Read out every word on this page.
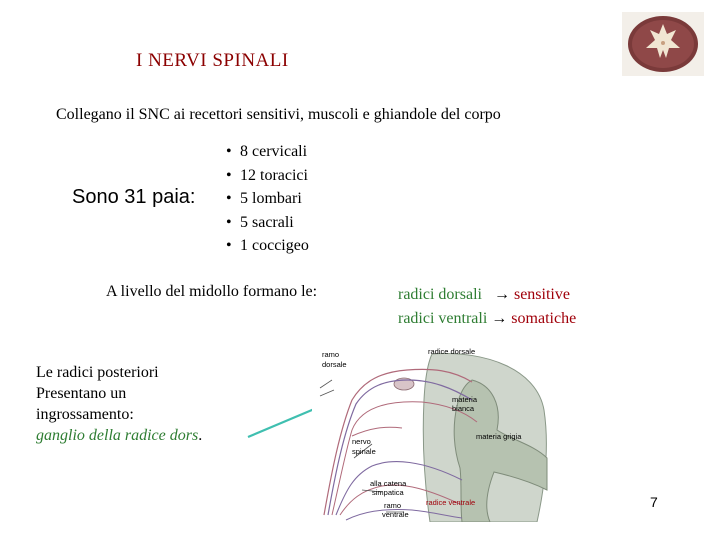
I NERVI SPINALI
Collegano il SNC ai recettori sensitivi, muscoli e ghiandole del corpo
Sono 31 paia:
• 8 cervicali
• 12 toracici
• 5 lombari
• 5 sacrali
• 1 coccigeo
A livello del midollo formano le:	radici dorsali → sensitive
radici ventrali → somatiche
Le radici posteriori
Presentano un
ingrossamento:
ganglio della radice dors.
ramo
dorsale
radice dorsale
materia
bianca
materia grigia
nervo
spinale
alla catena
simpatica
radice ventrale
ramo
ventrale
7
